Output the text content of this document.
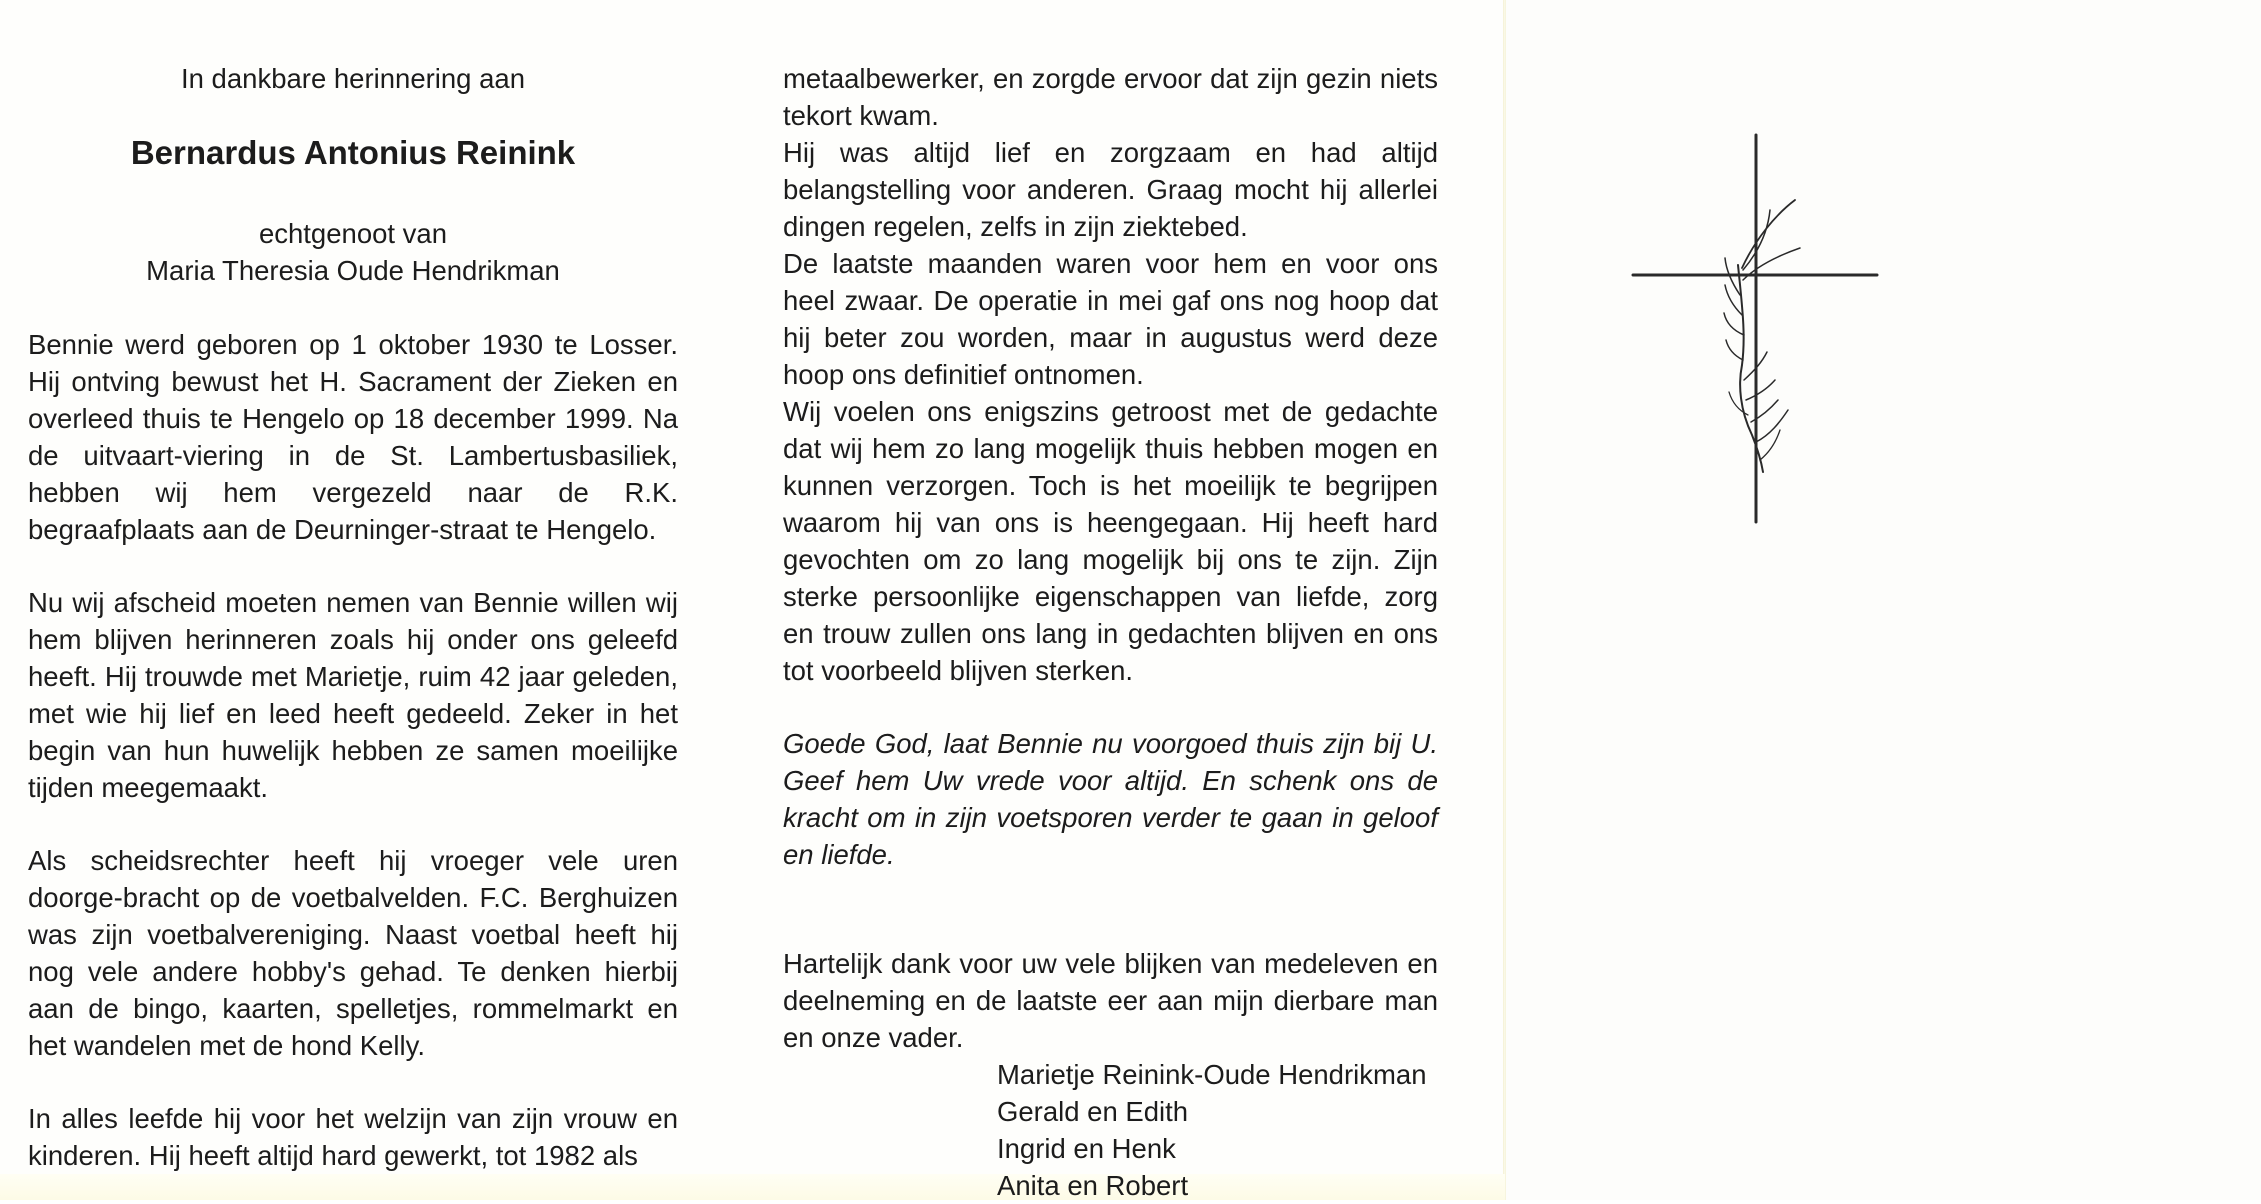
In dankbare herinnering aan

Bernardus Antonius Reinink

echtgenoot van

Maria Theresia Oude Hendrikman

Bennie werd geboren op 1 oktober 1930 te Losser. Hij ontving bewust het H. Sacrament der Zieken en overleed thuis te Hengelo op 18 december 1999. Na de uitvaart-viering in de St. Lambertusbasiliek, hebben wij hem vergezeld naar de R.K. begraafplaats aan de Deurninger-straat te Hengelo.

Nu wij afscheid moeten nemen van Bennie willen wij hem blijven herinneren zoals hij onder ons geleefd heeft. Hij trouwde met Marietje, ruim 42 jaar geleden, met wie hij lief en leed heeft gedeeld. Zeker in het begin van hun huwelijk hebben ze samen moeilijke tijden meegemaakt.

Als scheidsrechter heeft hij vroeger vele uren doorge-bracht op de voetbalvelden. F.C. Berghuizen was zijn voetbalvereniging. Naast voetbal heeft hij nog vele andere hobby's gehad. Te denken hierbij aan de bingo, kaarten, spelletjes, rommelmarkt en het wandelen met de hond Kelly.

In alles leefde hij voor het welzijn van zijn vrouw en kinderen. Hij heeft altijd hard gewerkt, tot 1982 als

metaalbewerker, en zorgde ervoor dat zijn gezin niets tekort kwam.

Hij was altijd lief en zorgzaam en had altijd belangstelling voor anderen. Graag mocht hij allerlei dingen regelen, zelfs in zijn ziektebed.

De laatste maanden waren voor hem en voor ons heel zwaar. De operatie in mei gaf ons nog hoop dat hij beter zou worden, maar in augustus werd deze hoop ons definitief ontnomen.

Wij voelen ons enigszins getroost met de gedachte dat wij hem zo lang mogelijk thuis hebben mogen en kunnen verzorgen. Toch is het moeilijk te begrijpen waarom hij van ons is heengegaan. Hij heeft hard gevochten om zo lang mogelijk bij ons te zijn. Zijn sterke persoonlijke eigenschappen van liefde, zorg en trouw zullen ons lang in gedachten blijven en ons tot voorbeeld blijven sterken.

Goede God, laat Bennie nu voorgoed thuis zijn bij U. Geef hem Uw vrede voor altijd. En schenk ons de kracht om in zijn voetsporen verder te gaan in geloof en liefde.

Hartelijk dank voor uw vele blijken van medeleven en deelneming en de laatste eer aan mijn dierbare man en onze vader.

Marietje Reinink-Oude Hendrikman
Gerald en Edith
Ingrid en Henk
Anita en Robert
